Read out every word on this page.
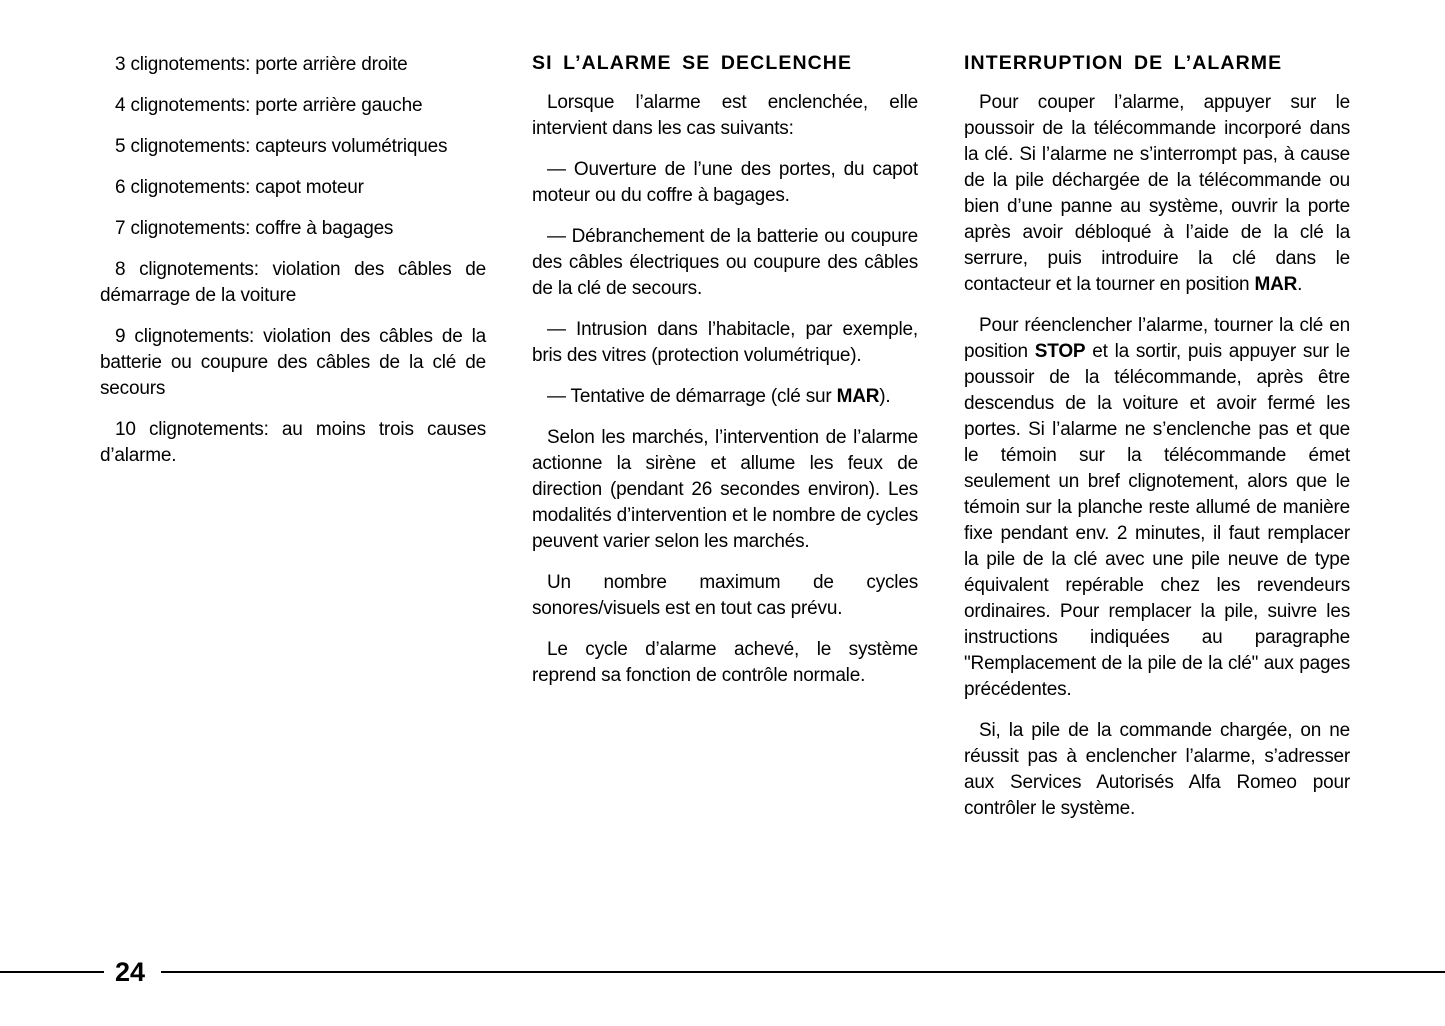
3 clignotements: porte arrière droite

4 clignotements: porte arrière gauche

5 clignotements: capteurs volumétriques

6 clignotements: capot moteur

7 clignotements: coffre à bagages

8 clignotements: violation des câbles de démarrage de la voiture

9 clignotements: violation des câbles de la batterie ou coupure des câbles de la clé de secours

10 clignotements: au moins trois causes d’alarme.

SI L’ALARME SE DECLENCHE

Lorsque l’alarme est enclenchée, elle intervient dans les cas suivants:

— Ouverture de l’une des portes, du capot moteur ou du coffre à bagages.

— Débranchement de la batterie ou coupure des câbles électriques ou coupure des câbles de la clé de secours.

— Intrusion dans l’habitacle, par exemple, bris des vitres (protection volumétrique).

— Tentative de démarrage (clé sur MAR).

Selon les marchés, l’intervention de l’alarme actionne la sirène et allume les feux de direction (pendant 26 secondes environ). Les modalités d’intervention et le nombre de cycles peuvent varier selon les marchés.

Un nombre maximum de cycles sonores/visuels est en tout cas prévu.

Le cycle d’alarme achevé, le système reprend sa fonction de contrôle normale.

INTERRUPTION DE L’ALARME

Pour couper l’alarme, appuyer sur le poussoir de la télécommande incorporé dans la clé. Si l’alarme ne s’interrompt pas, à cause de la pile déchargée de la télécommande ou bien d’une panne au système, ouvrir la porte après avoir débloqué à l’aide de la clé la serrure, puis introduire la clé dans le contacteur et la tourner en position MAR.

Pour réenclencher l’alarme, tourner la clé en position STOP et la sortir, puis appuyer sur le poussoir de la télécommande, après être descendus de la voiture et avoir fermé les portes. Si l’alarme ne s’enclenche pas et que le témoin sur la télécommande émet seulement un bref clignotement, alors que le témoin sur la planche reste allumé de manière fixe pendant env. 2 minutes, il faut remplacer la pile de la clé avec une pile neuve de type équivalent repérable chez les revendeurs ordinaires. Pour remplacer la pile, suivre les instructions indiquées au paragraphe "Remplacement de la pile de la clé" aux pages précédentes.

Si, la pile de la commande chargée, on ne réussit pas à enclencher l’alarme, s’adresser aux Services Autorisés Alfa Romeo pour contrôler le système.

24
